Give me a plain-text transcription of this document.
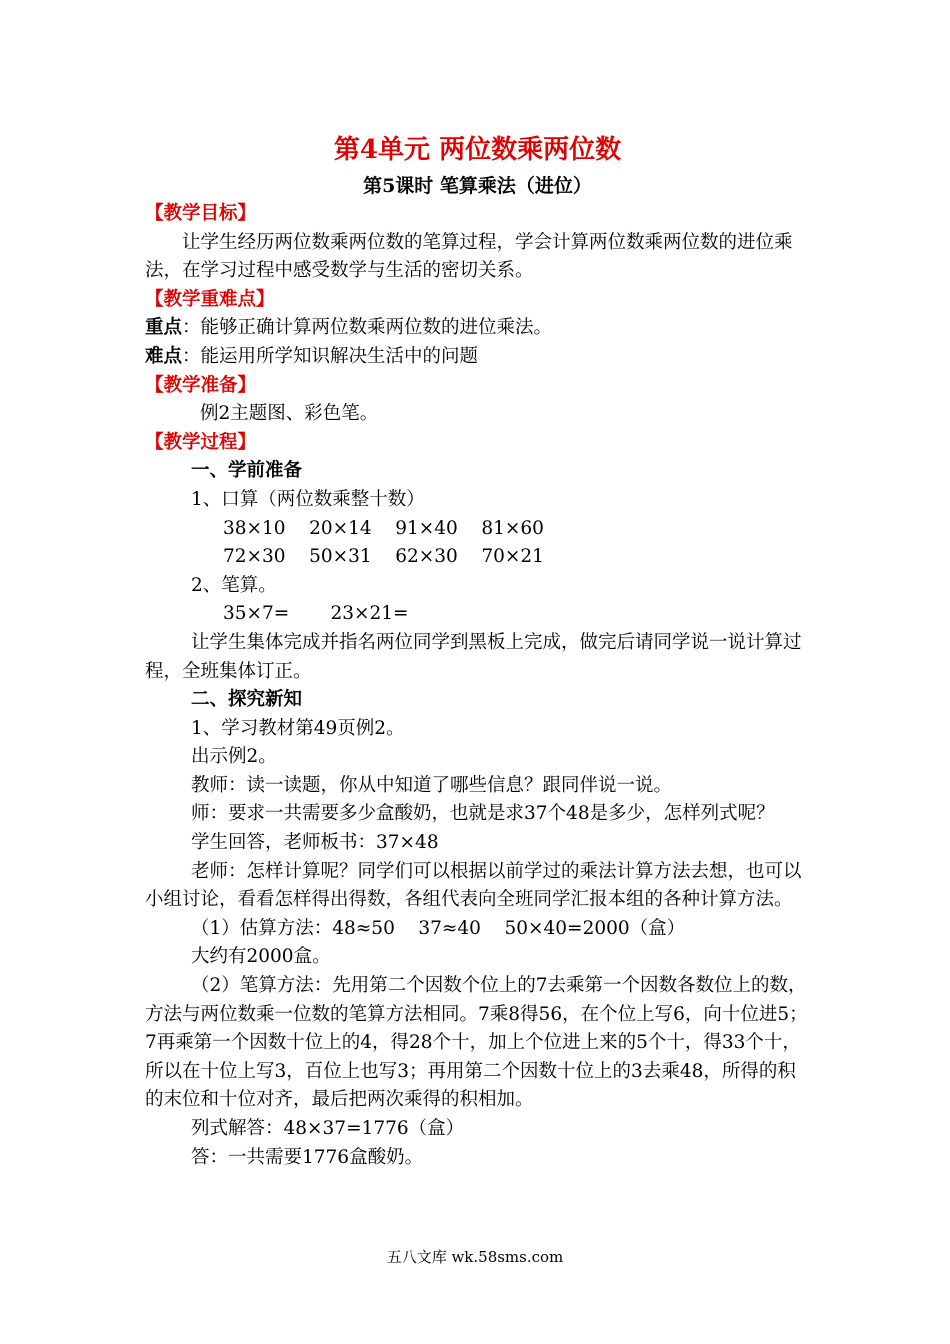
第4单元 两位数乘两位数
第5课时 笔算乘法（进位）

【教学目标】

让学生经历两位数乘两位数的笔算过程，学会计算两位数乘两位数的进位乘法，在学习过程中感受数学与生活的密切关系。

【教学重难点】

重点：能够正确计算两位数乘两位数的进位乘法。

难点：能运用所学知识解决生活中的问题

【教学准备】

例2主题图、彩色笔。

【教学过程】

一、学前准备

1、口算（两位数乘整十数）

38×10    20×14    91×40    81×60

72×30    50×31    62×30    70×21

2、笔算。

35×7=       23×21=

让学生集体完成并指名两位同学到黑板上完成，做完后请同学说一说计算过程，全班集体订正。

二、探究新知

1、学习教材第49页例2。

出示例2。

教师：读一读题，你从中知道了哪些信息？跟同伴说一说。

师：要求一共需要多少盒酸奶，也就是求37个48是多少，怎样列式呢？

学生回答，老师板书：37×48

老师：怎样计算呢？同学们可以根据以前学过的乘法计算方法去想，也可以小组讨论，看看怎样得出得数，各组代表向全班同学汇报本组的各种计算方法。

（1）估算方法：48≈50    37≈40    50×40=2000（盒）

大约有2000盒。

（2）笔算方法：先用第二个因数个位上的7去乘第一个因数各数位上的数，方法与两位数乘一位数的笔算方法相同。7乘8得56，在个位上写6，向十位进5；7再乘第一个因数十位上的4，得28个十，加上个位进上来的5个十，得33个十，所以在十位上写3，百位上也写3；再用第二个因数十位上的3去乘48，所得的积的末位和十位对齐，最后把两次乘得的积相加。

列式解答：48×37=1776（盒）

答：一共需要1776盒酸奶。

五八文库 wk.58sms.com
